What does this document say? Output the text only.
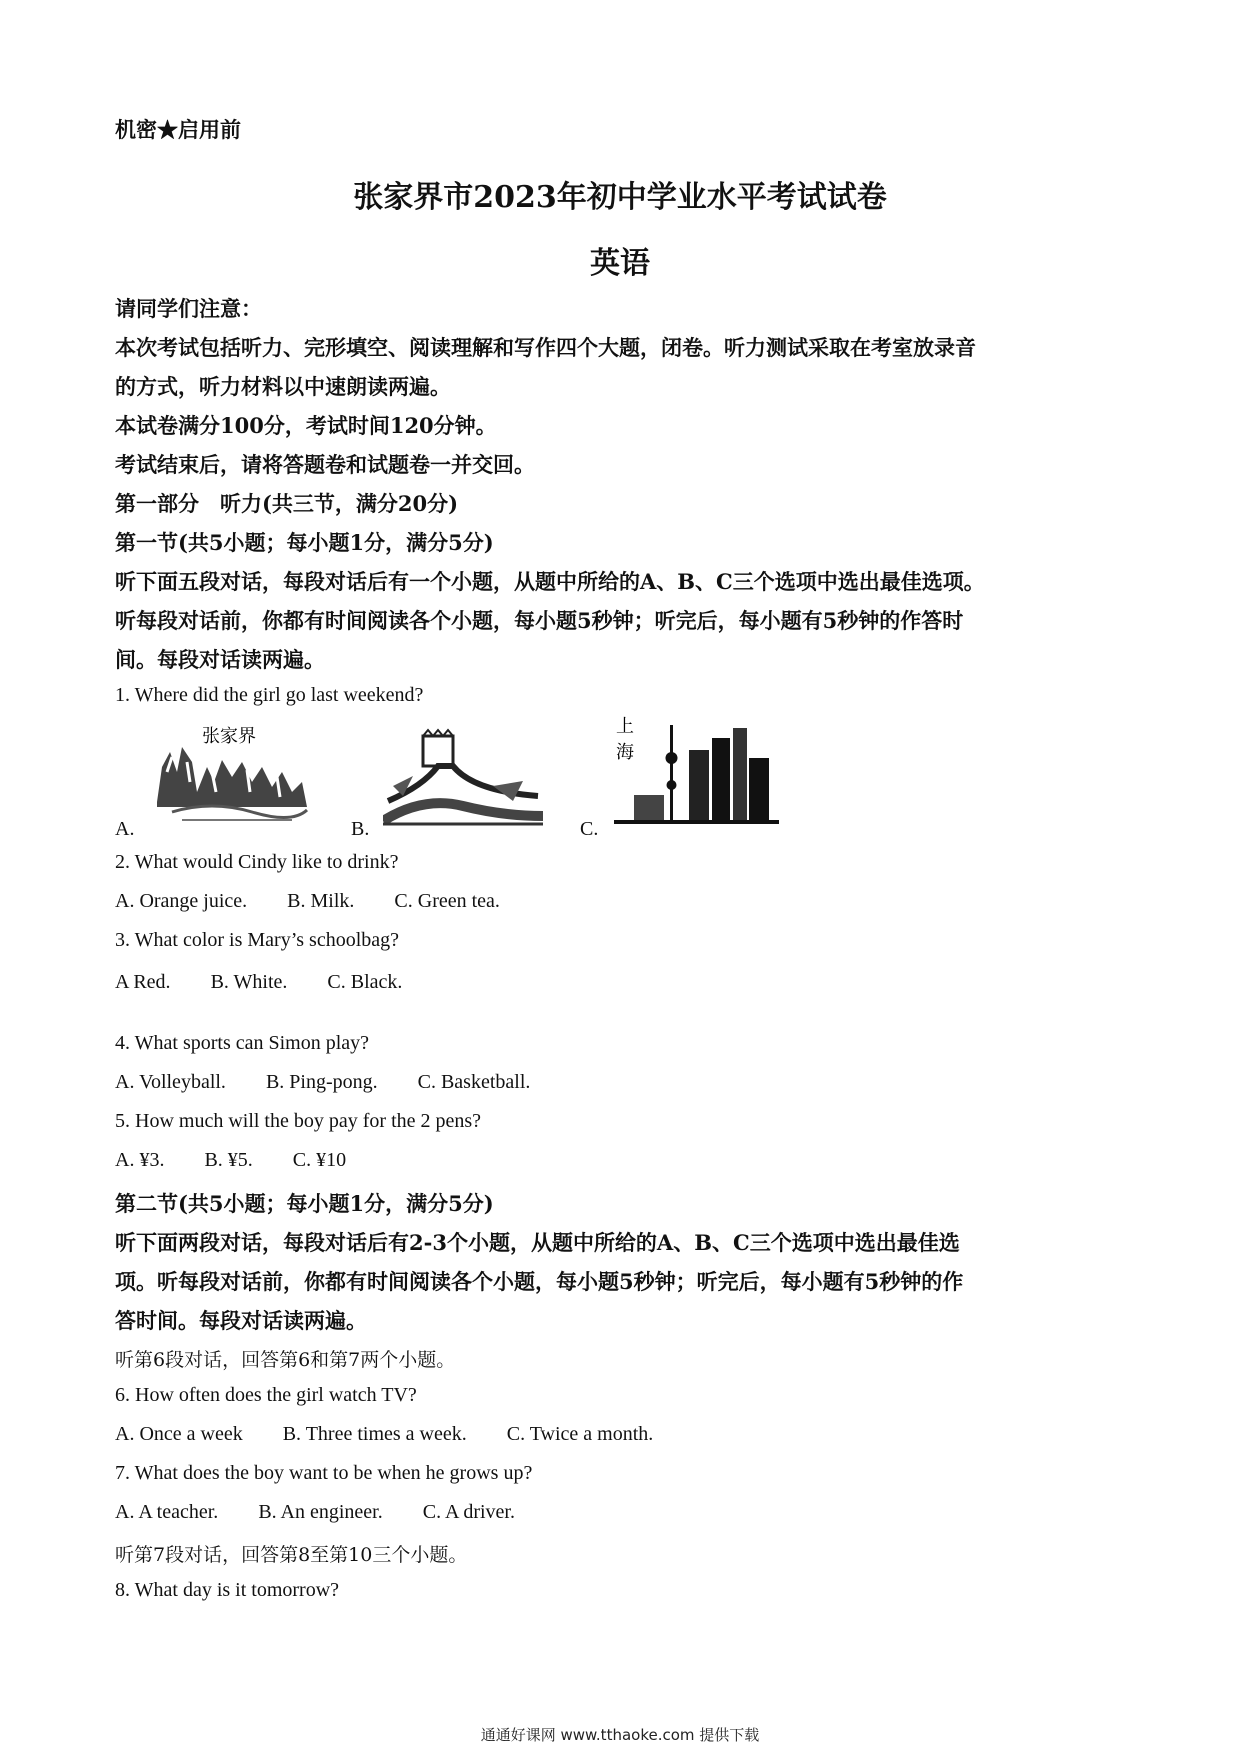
机密★启用前
张家界市2023年初中学业水平考试试卷
英语
请同学们注意：
本次考试包括听力、完形填空、阅读理解和写作四个大题，闭卷。听力测试采取在考室放录音
的方式，听力材料以中速朗读两遍。
本试卷满分100分，考试时间120分钟。
考试结束后，请将答题卷和试题卷一并交回。
第一部分　听力(共三节，满分20分)
第一节(共5小题；每小题1分，满分5分)
听下面五段对话，每段对话后有一个小题，从题中所给的A、B、C三个选项中选出最佳选项。
听每段对话前，你都有时间阅读各个小题，每小题5秒钟；听完后，每小题有5秒钟的作答时
间。每段对话读两遍。
1. Where did the girl go last weekend?
张家界	上
海
A.	B.	C.
2. What would Cindy like to drink?
A. Orange juice. B. Milk. C. Green tea.
3. What color is Mary’s schoolbag?
A Red. B. White. C. Black.
4. What sports can Simon play?
A. Volleyball. B. Ping-pong. C. Basketball.
5. How much will the boy pay for the 2 pens?
A. ¥3. B. ¥5. C. ¥10
第二节(共5小题；每小题1分，满分5分)
听下面两段对话，每段对话后有2-3个小题，从题中所给的A、B、C三个选项中选出最佳选
项。听每段对话前，你都有时间阅读各个小题，每小题5秒钟；听完后，每小题有5秒钟的作
答时间。每段对话读两遍。
听第6段对话，回答第6和第7两个小题。
6. How often does the girl watch TV?
A. Once a week B. Three times a week. C. Twice a month.
7. What does the boy want to be when he grows up?
A. A teacher. B. An engineer. C. A driver.
听第7段对话，回答第8至第10三个小题。
8. What day is it tomorrow?
通通好课网 www.tthaoke.com 提供下载
